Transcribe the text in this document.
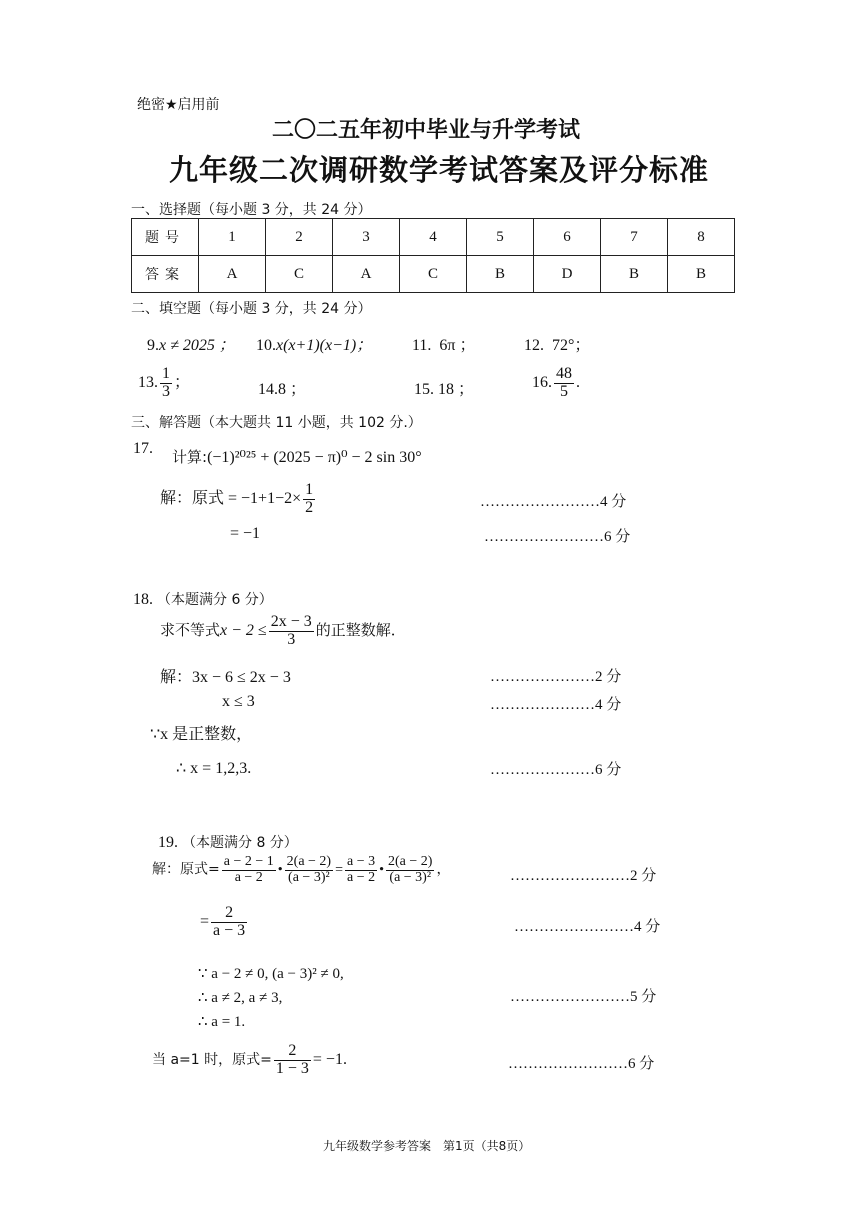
绝密★启用前
二〇二五年初中毕业与升学考试
九年级二次调研数学考试答案及评分标准
一、选择题（每小题 3 分，共 24 分）
题号	1	2	3	4	5	6	7	8
答案	A	C	A	C	B	D	B	B
二、填空题（每小题 3 分，共 24 分）
9.x ≠ 2025 ； 10.x(x+1)(x−1)； 11. 6π ；	12. 72°；
13. $\frac{1}{3}$ ；	14.8 ；	15. 18 ；	16. $\frac{48}{5}$ .
三、解答题（本大题共 11 小题，共 102 分.）
17. 计算:(−1)²⁰²⁵ + (2025 − π)⁰ − 2 sin 30°
解：原式 = $-1+1-2\times \frac{1}{2}$
= −1
……………………4 分
……………………6 分
18. （本题满分 6 分）
求不等式$x - 2 \le \frac{2x - 3}{3}$ 的正整数解．
解：3x − 6 ≤ 2x − 3
x ≤ 3
∵x 是正整数，
∴ x = 1,2,3.
…………………2 分
…………………4 分
…………………6 分
19. （本题满分 8 分）
解：原式= $\frac{a - 2 - 1}{a - 2}$ • $\frac{2(a - 2)}{\text{(a − 3)²}} = \frac{a - 3}{a - 2}$ • $\frac{2(a - 2)}{\text{(a − 3)²}}$ ，
= $\frac{2}{a - 3}$
∵ a − 2 ≠ 0, (a − 3)² ≠ 0,
∴ a ≠ 2, a ≠ 3,
∴ a = 1.
当 a=1 时，原式= $\frac{2}{1 - 3} = -1$.
……………………2 分
……………………4 分
……………………5 分
……………………6 分
九年级数学参考答案　第1页（共8页）
